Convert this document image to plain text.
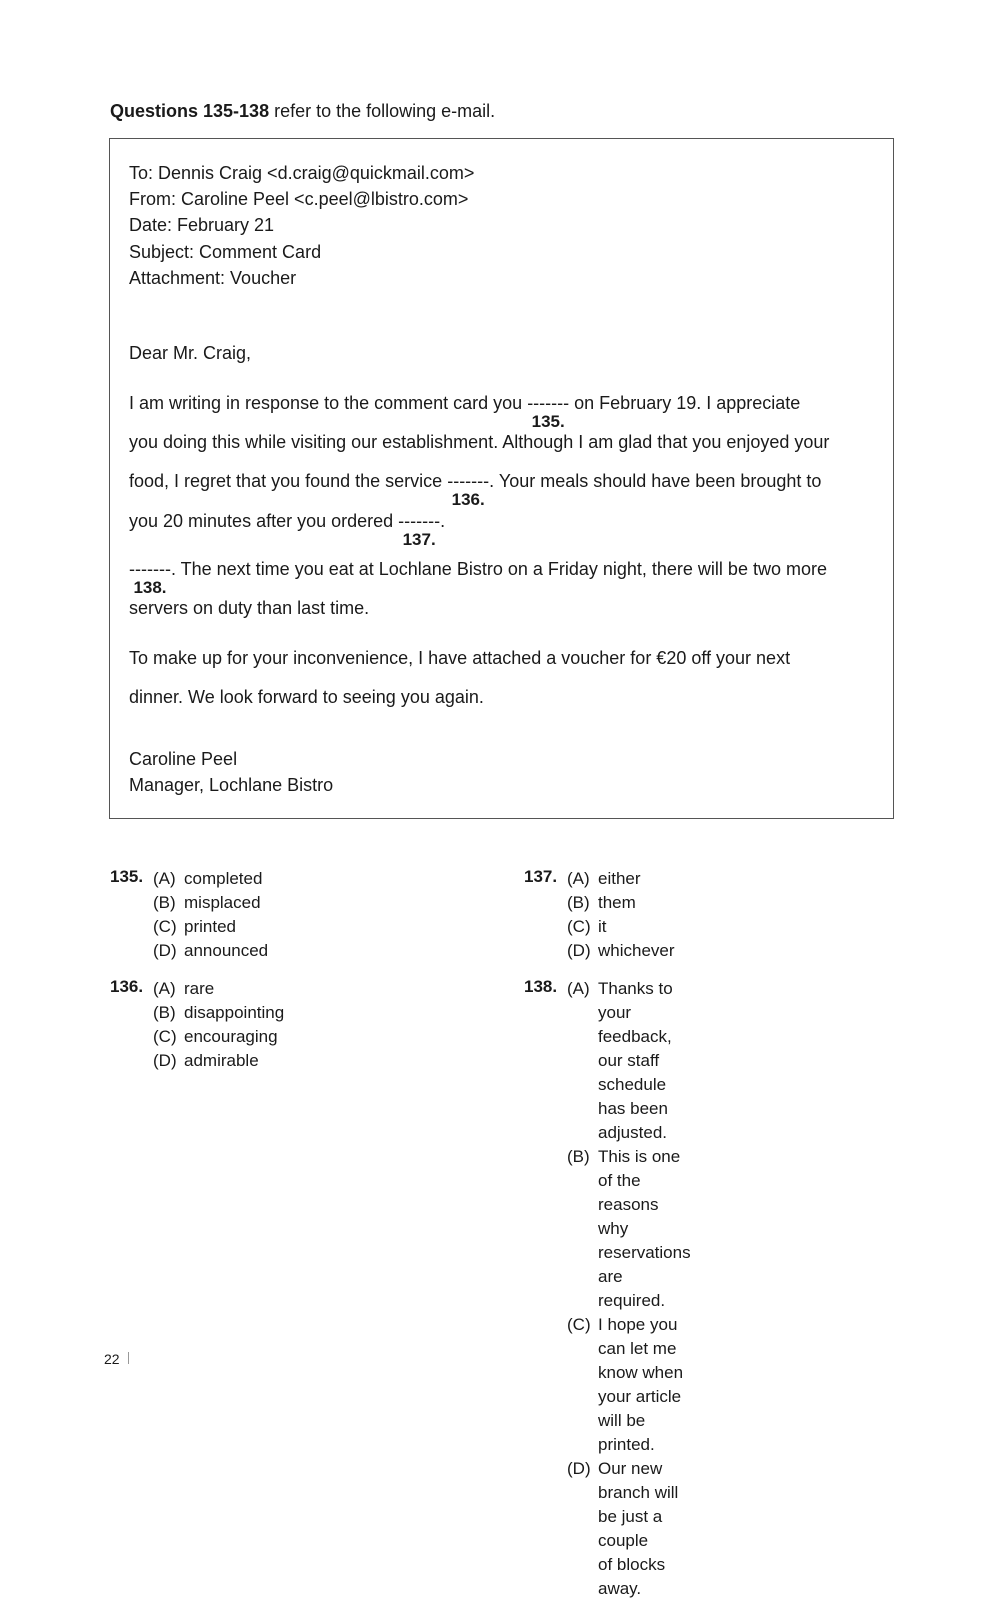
Questions 135-138 refer to the following e-mail.
To: Dennis Craig <d.craig@quickmail.com>
From: Caroline Peel <c.peel@lbistro.com>
Date: February 21
Subject: Comment Card
Attachment: Voucher
Dear Mr. Craig,
I am writing in response to the comment card you -------
135.
on February 19. I appreciate
you doing this while visiting our establishment. Although I am glad that you enjoyed your
food, I regret that you found the service -------
136.
. Your meals should have been brought to
you 20 minutes after you ordered -------
137.
.
-------
138.
. The next time you eat at Lochlane Bistro on a Friday night, there will be two more
servers on duty than last time.
To make up for your inconvenience, I have attached a voucher for €20 off your next
dinner. We look forward to seeing you again.
Caroline Peel
Manager, Lochlane Bistro
135. (A) completed
(B) misplaced
(C) printed
(D) announced
136. (A) rare
(B) disappointing
(C) encouraging
(D) admirable
137. (A) either
(B) them
(C) it
(D) whichever
138. (A) Thanks to your feedback, our staff
schedule has been adjusted.
(B) This is one of the reasons why
reservations are required.
(C) I hope you can let me know when
your article will be printed.
(D) Our new branch will be just a couple
of blocks away.
22
